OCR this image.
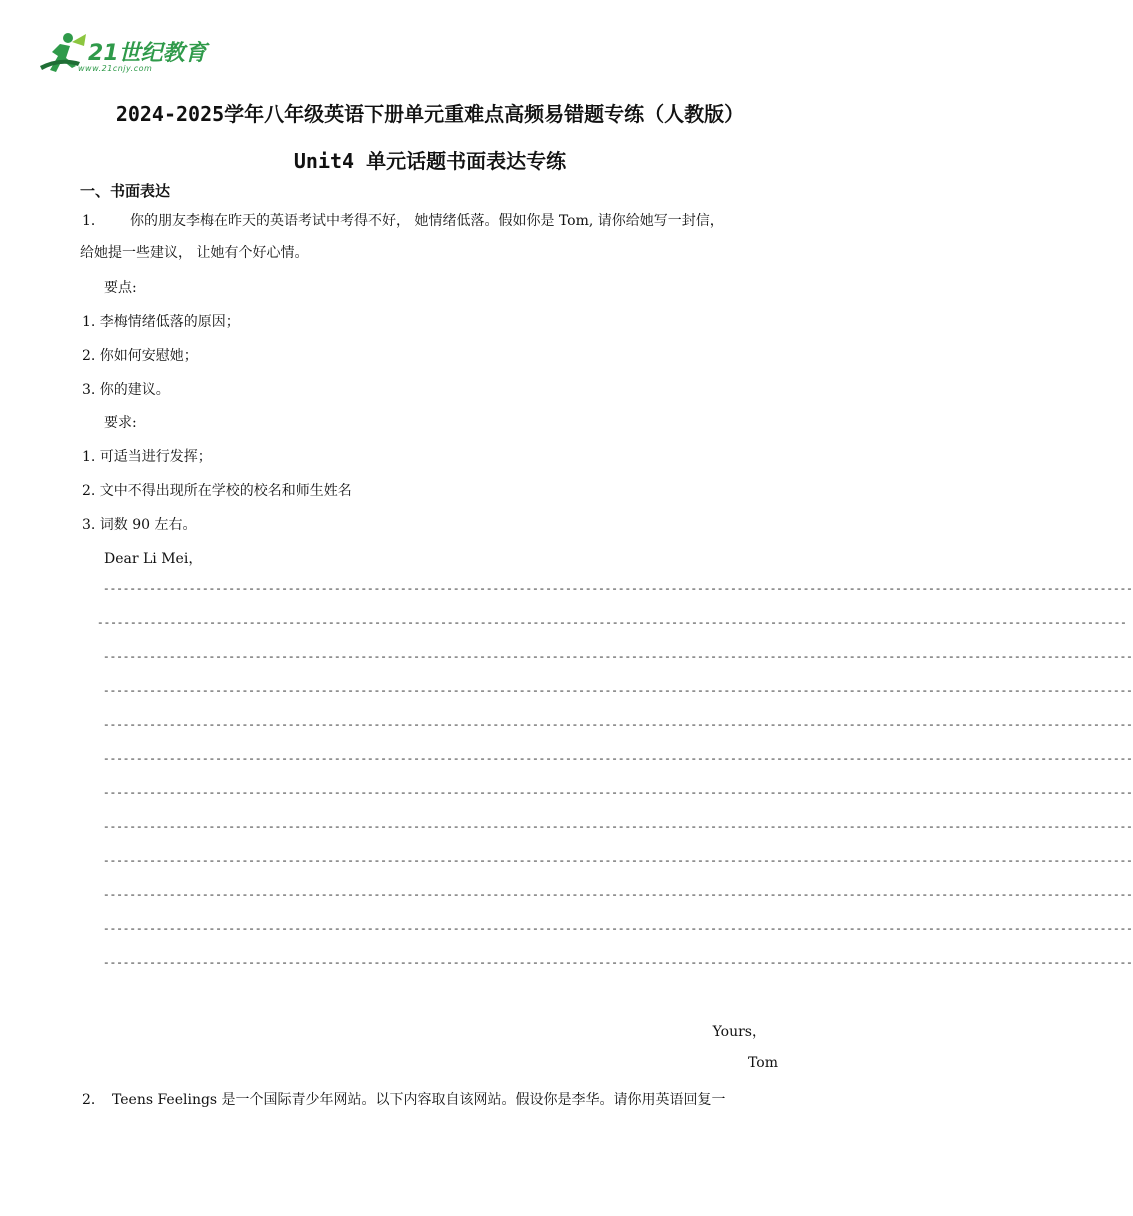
21世纪教育
www.21cnjy.com
2024-2025学年八年级英语下册单元重难点高频易错题专练（人教版）
Unit4 单元话题书面表达专练
一、书面表达
1． 你的朋友李梅在昨天的英语考试中考得不好， 她情绪低落。假如你是 Tom, 请你给她写一封信，
给她提一些建议， 让她有个好心情。
要点:
1. 李梅情绪低落的原因；
2. 你如何安慰她；
3. 你的建议。
要求:
1. 可适当进行发挥；
2. 文中不得出现所在学校的校名和师生姓名
3. 词数 90 左右。
Dear Li Mei，
------------------------------------------------------------------------------------------------------------------------------------------------------------
------------------------------------------------------------------------------------------------------------------------------------------------------------
------------------------------------------------------------------------------------------------------------------------------------------------------------
------------------------------------------------------------------------------------------------------------------------------------------------------------
------------------------------------------------------------------------------------------------------------------------------------------------------------
------------------------------------------------------------------------------------------------------------------------------------------------------------
------------------------------------------------------------------------------------------------------------------------------------------------------------
------------------------------------------------------------------------------------------------------------------------------------------------------------
------------------------------------------------------------------------------------------------------------------------------------------------------------
------------------------------------------------------------------------------------------------------------------------------------------------------------
------------------------------------------------------------------------------------------------------------------------------------------------------------
------------------------------------------------------------------------------------------------------------------------------------------------------------
Yours，
Tom
2． Teens Feelings 是一个国际青少年网站。以下内容取自该网站。假设你是李华。请你用英语回复一
